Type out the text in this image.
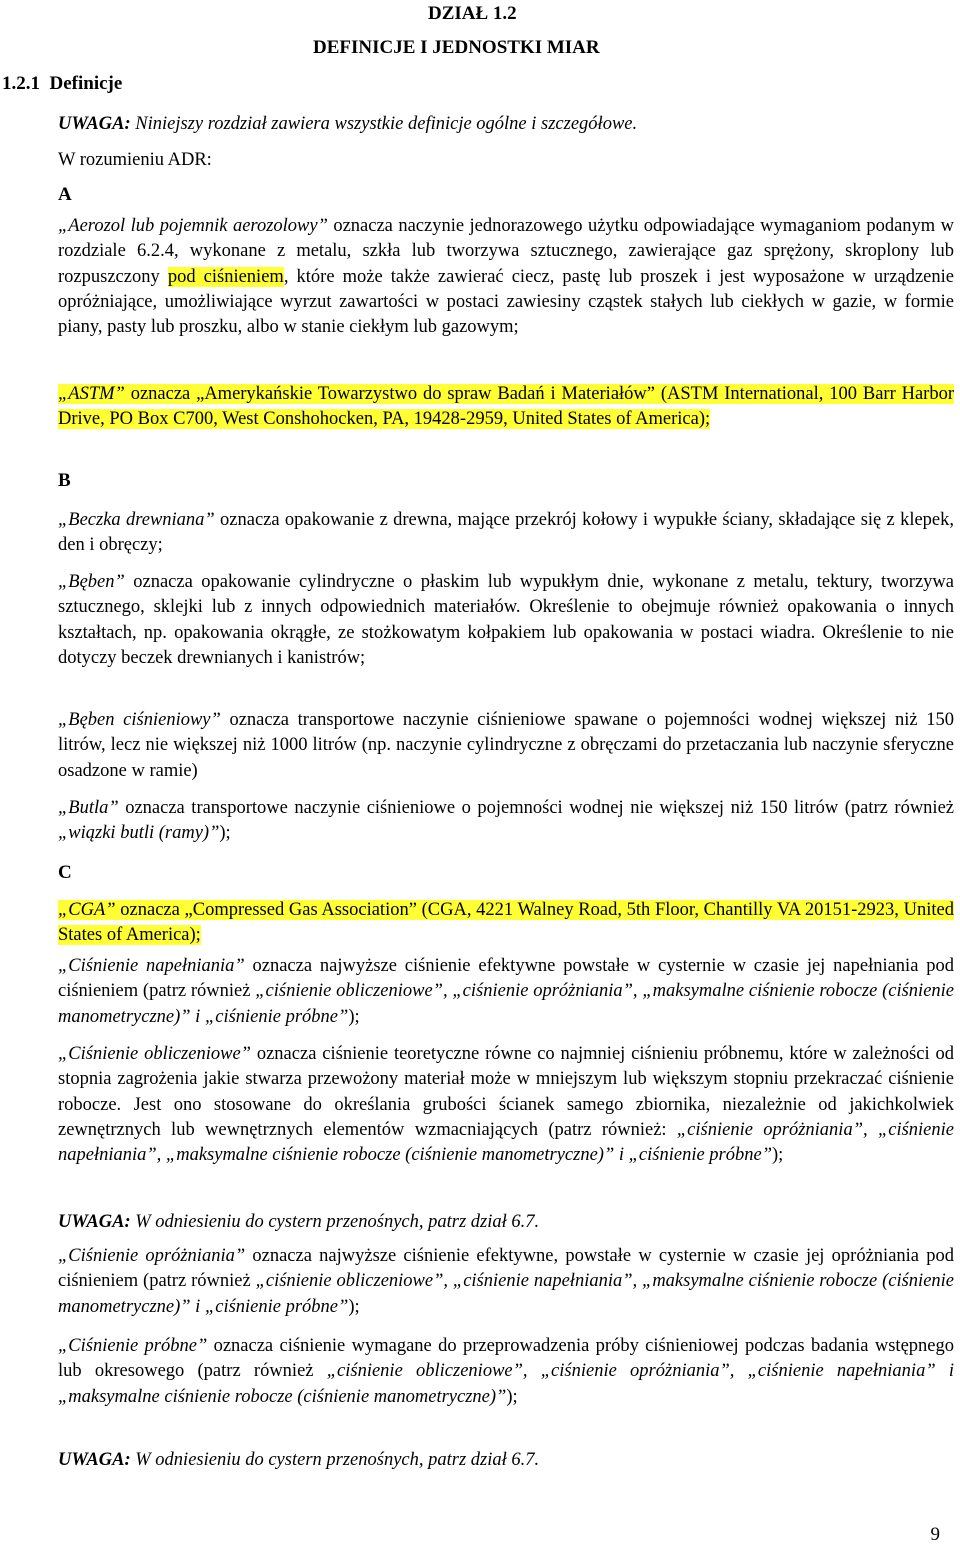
DZIAŁ 1.2
DEFINICJE I JEDNOSTKI MIAR
1.2.1  Definicje
UWAGA: Niniejszy rozdział zawiera wszystkie definicje ogólne i szczegółowe.
W rozumieniu ADR:
A

„Aerozol lub pojemnik aerozolowy” oznacza naczynie jednorazowego użytku odpowiadające wymaganiom podanym w rozdziale 6.2.4, wykonane z metalu, szkła lub tworzywa sztucznego, zawierające gaz sprężony, skroplony lub rozpuszczony pod ciśnieniem, które może także zawierać ciecz, pastę lub proszek i jest wyposażone w urządzenie opróżniające, umożliwiające wyrzut zawartości w postaci zawiesiny cząstek stałych lub ciekłych w gazie, w formie piany, pasty lub proszku, albo w stanie ciekłym lub gazowym;

„ASTM” oznacza „Amerykańskie Towarzystwo do spraw Badań i Materiałów” (ASTM International, 100 Barr Harbor Drive, PO Box C700, West Conshohocken, PA, 19428-2959, United States of America);

B

„Beczka drewniana” oznacza opakowanie z drewna, mające przekrój kołowy i wypukłe ściany, składające się z klepek, den i obręczy;

„Bęben” oznacza opakowanie cylindryczne o płaskim lub wypukłym dnie, wykonane z metalu, tektury, tworzywa sztucznego, sklejki lub z innych odpowiednich materiałów. Określenie to obejmuje również opakowania o innych kształtach, np. opakowania okrągłe, ze stożkowatym kołpakiem lub opakowania w postaci wiadra. Określenie to nie dotyczy beczek drewnianych i kanistrów;

„Bęben ciśnieniowy” oznacza transportowe naczynie ciśnieniowe spawane o pojemności wodnej większej niż 150 litrów, lecz nie większej niż 1000 litrów (np. naczynie cylindryczne z obręczami do przetaczania lub naczynie sferyczne osadzone w ramie)

„Butla” oznacza transportowe naczynie ciśnieniowe o pojemności wodnej nie większej niż 150 litrów (patrz również „wiązki butli (ramy)”);

C

„CGA” oznacza „Compressed Gas Association” (CGA, 4221 Walney Road, 5th Floor, Chantilly VA 20151-2923, United States of America);

„Ciśnienie napełniania” oznacza najwyższe ciśnienie efektywne powstałe w cysternie w czasie jej napełniania pod ciśnieniem (patrz również „ciśnienie obliczeniowe”, „ciśnienie opróżniania”, „maksymalne ciśnienie robocze (ciśnienie manometryczne)” i „ciśnienie próbne”);

„Ciśnienie obliczeniowe” oznacza ciśnienie teoretyczne równe co najmniej ciśnieniu próbnemu, które w zależności od stopnia zagrożenia jakie stwarza przewożony materiał może w mniejszym lub większym stopniu przekraczać ciśnienie robocze. Jest ono stosowane do określania grubości ścianek samego zbiornika, niezależnie od jakichkolwiek zewnętrznych lub wewnętrznych elementów wzmacniających (patrz również: „ciśnienie opróżniania”, „ciśnienie napełniania”, „maksymalne ciśnienie robocze (ciśnienie manometryczne)” i „ciśnienie próbne”);

UWAGA: W odniesieniu do cystern przenośnych, patrz dział 6.7.

„Ciśnienie opróżniania” oznacza najwyższe ciśnienie efektywne, powstałe w cysternie w czasie jej opróżniania pod ciśnieniem (patrz również „ciśnienie obliczeniowe”, „ciśnienie napełniania”, „maksymalne ciśnienie robocze (ciśnienie manometryczne)” i „ciśnienie próbne”);

„Ciśnienie próbne” oznacza ciśnienie wymagane do przeprowadzenia próby ciśnieniowej podczas badania wstępnego lub okresowego (patrz również „ciśnienie obliczeniowe”, „ciśnienie opróżniania”, „ciśnienie napełniania” i „maksymalne ciśnienie robocze (ciśnienie manometryczne)”);

UWAGA: W odniesieniu do cystern przenośnych, patrz dział 6.7.
9
